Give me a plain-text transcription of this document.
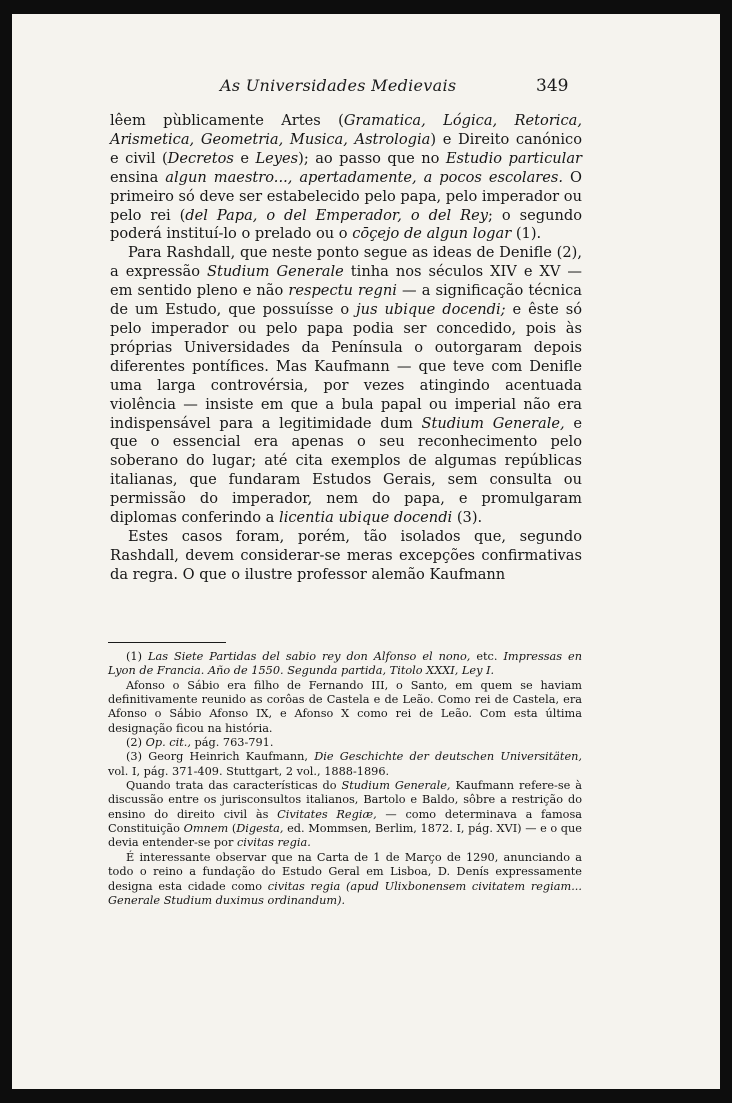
As Universidades Medievais	349

lêem pùblicamente Artes (Gramatica, Lógica, Retorica, Arismetica, Geometria, Musica, Astrologia) e Direito canónico e civil (Decretos e Leyes); ao passo que no Estudio particular ensina algun maestro..., apertadamente, a pocos escolares. O primeiro só deve ser estabelecido pelo papa, pelo imperador ou pelo rei (del Papa, o del Emperador, o del Rey; o segundo poderá instituí-lo o prelado ou o cōçejo de algun logar (1).

Para Rashdall, que neste ponto segue as ideas de Denifle (2), a expressão Studium Generale tinha nos séculos XIV e XV — em sentido pleno e não respectu regni — a significação técnica de um Estudo, que possuísse o jus ubique docendi; e êste só pelo imperador ou pelo papa podia ser concedido, pois às próprias Universidades da Península o outorgaram depois diferentes pontífices. Mas Kaufmann — que teve com Denifle uma larga controvérsia, por vezes atingindo acentuada violência — insiste em que a bula papal ou imperial não era indispensável para a legitimidade dum Studium Generale, e que o essencial era apenas o seu reconhecimento pelo soberano do lugar; até cita exemplos de algumas repúblicas italianas, que fundaram Estudos Gerais, sem consulta ou permissão do imperador, nem do papa, e promulgaram diplomas conferindo a licentia ubique docendi (3).

Estes casos foram, porém, tão isolados que, segundo Rashdall, devem considerar-se meras excepções confirmativas da regra. O que o ilustre professor alemão Kaufmann

(1) Las Siete Partidas del sabio rey don Alfonso el nono, etc. Impressas en Lyon de Francia. Año de 1550. Segunda partida, Titolo XXXI, Ley I.

Afonso o Sábio era filho de Fernando III, o Santo, em quem se haviam definitivamente reunido as corôas de Castela e de Leão. Como rei de Castela, era Afonso o Sábio Afonso IX, e Afonso X como rei de Leão. Com esta última designação ficou na história.

(2) Op. cit., pág. 763-791.

(3) Georg Heinrich Kaufmann, Die Geschichte der deutschen Universitäten, vol. I, pág. 371-409. Stuttgart, 2 vol., 1888-1896.

Quando trata das características do Studium Generale, Kaufmann refere-se à discussão entre os jurisconsultos italianos, Bartolo e Baldo, sôbre a restrição do ensino do direito civil às Civitates Regiæ, — como determinava a famosa Constituição Omnem (Digesta, ed. Mommsen, Berlim, 1872. I, pág. XVI) — e o que devia entender-se por civitas regia.

É interessante observar que na Carta de 1 de Março de 1290, anunciando a todo o reino a fundação do Estudo Geral em Lisboa, D. Denís expressamente designa esta cidade como civitas regia (apud Ulixbonensem civitatem regiam... Generale Studium duximus ordinandum).
